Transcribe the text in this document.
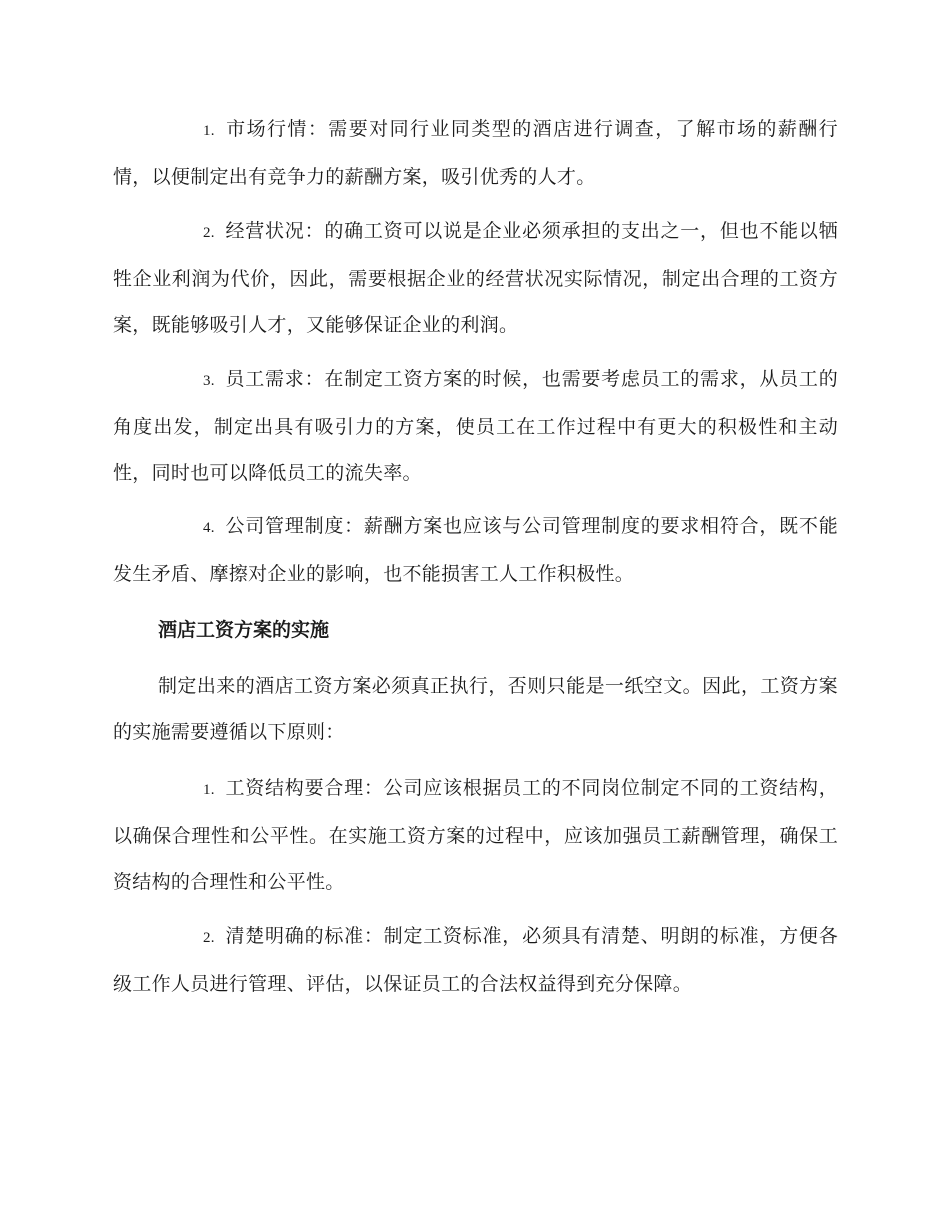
1. 市场行情：需要对同行业同类型的酒店进行调查，了解市场的薪酬行情，以便制定出有竞争力的薪酬方案，吸引优秀的人才。

2. 经营状况：的确工资可以说是企业必须承担的支出之一，但也不能以牺牲企业利润为代价，因此，需要根据企业的经营状况实际情况，制定出合理的工资方案，既能够吸引人才，又能够保证企业的利润。

3. 员工需求：在制定工资方案的时候，也需要考虑员工的需求，从员工的角度出发，制定出具有吸引力的方案，使员工在工作过程中有更大的积极性和主动性，同时也可以降低员工的流失率。

4. 公司管理制度：薪酬方案也应该与公司管理制度的要求相符合，既不能发生矛盾、摩擦对企业的影响，也不能损害工人工作积极性。

酒店工资方案的实施

制定出来的酒店工资方案必须真正执行，否则只能是一纸空文。因此，工资方案的实施需要遵循以下原则：

1. 工资结构要合理：公司应该根据员工的不同岗位制定不同的工资结构，以确保合理性和公平性。在实施工资方案的过程中，应该加强员工薪酬管理，确保工资结构的合理性和公平性。

2. 清楚明确的标准：制定工资标准，必须具有清楚、明朗的标准，方便各级工作人员进行管理、评估，以保证员工的合法权益得到充分保障。
